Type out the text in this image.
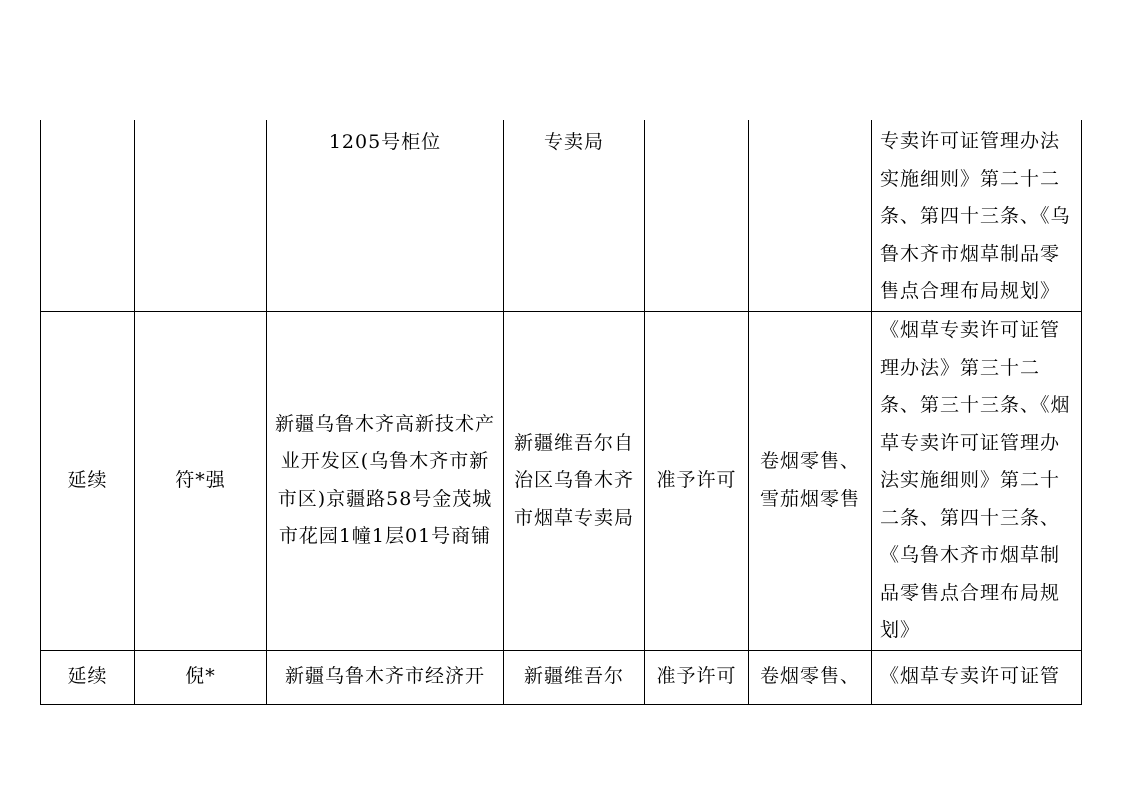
		1205号柜位	专卖局			专卖许可证管理办法实施细则》第二十二条、第四十三条、《乌鲁木齐市烟草制品零售点合理布局规划》
延续	符*强	新疆乌鲁木齐高新技术产业开发区(乌鲁木齐市新市区)京疆路58号金茂城市花园1幢1层01号商铺	新疆维吾尔自治区乌鲁木齐市烟草专卖局	准予许可	卷烟零售、雪茄烟零售	《烟草专卖许可证管理办法》第三十二条、第三十三条、《烟草专卖许可证管理办法实施细则》第二十二条、第四十三条、《乌鲁木齐市烟草制品零售点合理布局规划》
延续	倪*	新疆乌鲁木齐市经济开	新疆维吾尔	准予许可	卷烟零售、	《烟草专卖许可证管
